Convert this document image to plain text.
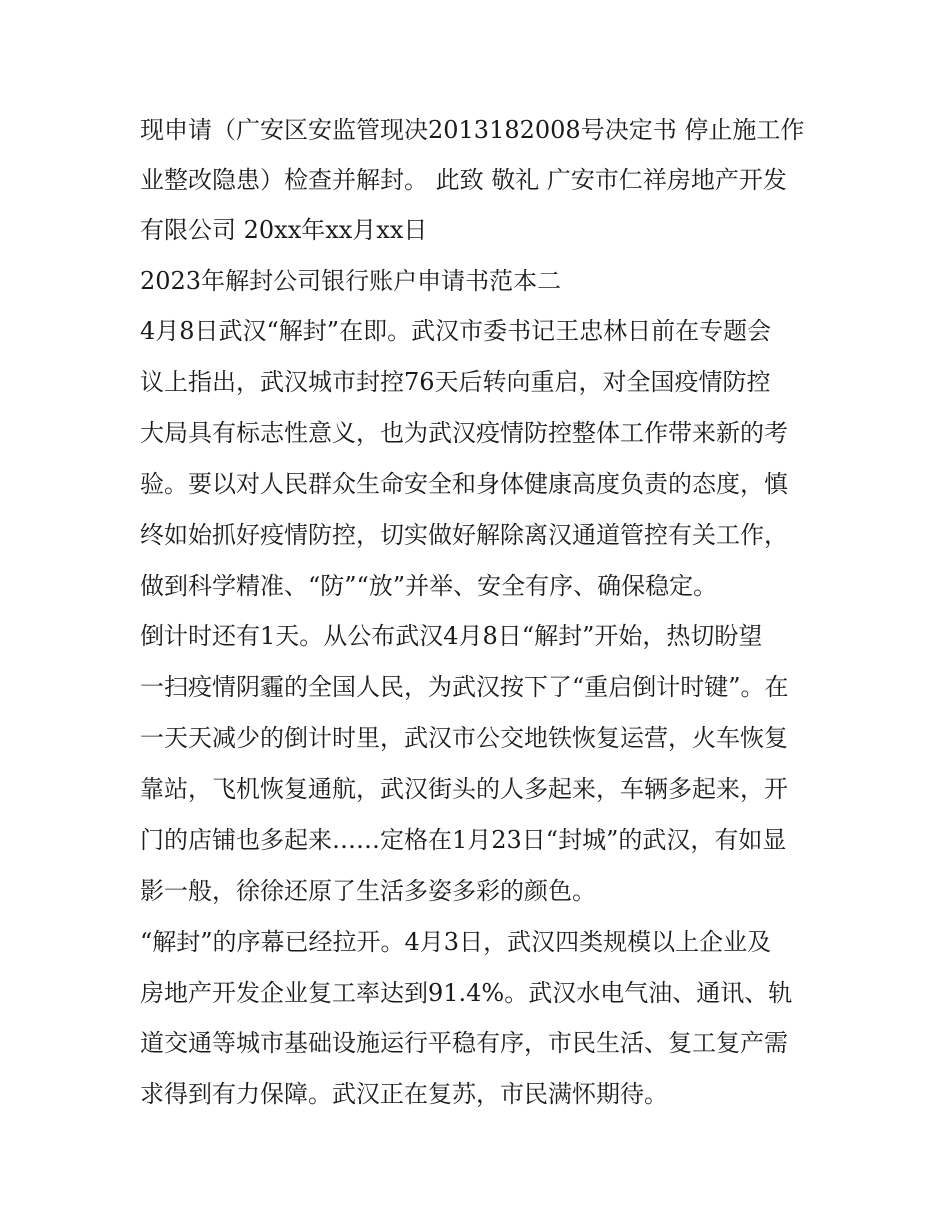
现申请（广安区安监管现决2013182008号决定书 停止施工作
业整改隐患）检查并解封。 此致 敬礼 广安市仁祥房地产开发
有限公司 20xx年xx月xx日
2023年解封公司银行账户申请书范本二
4月8日武汉“解封”在即。武汉市委书记王忠林日前在专题会
议上指出，武汉城市封控76天后转向重启，对全国疫情防控
大局具有标志性意义，也为武汉疫情防控整体工作带来新的考
验。要以对人民群众生命安全和身体健康高度负责的态度，慎
终如始抓好疫情防控，切实做好解除离汉通道管控有关工作，
做到科学精准、“防”“放”并举、安全有序、确保稳定。
倒计时还有1天。从公布武汉4月8日“解封”开始，热切盼望
一扫疫情阴霾的全国人民，为武汉按下了“重启倒计时键”。在
一天天减少的倒计时里，武汉市公交地铁恢复运营，火车恢复
靠站，飞机恢复通航，武汉街头的人多起来，车辆多起来，开
门的店铺也多起来……定格在1月23日“封城”的武汉，有如显
影一般，徐徐还原了生活多姿多彩的颜色。
“解封”的序幕已经拉开。4月3日，武汉四类规模以上企业及
房地产开发企业复工率达到91.4%。武汉水电气油、通讯、轨
道交通等城市基础设施运行平稳有序，市民生活、复工复产需
求得到有力保障。武汉正在复苏，市民满怀期待。
